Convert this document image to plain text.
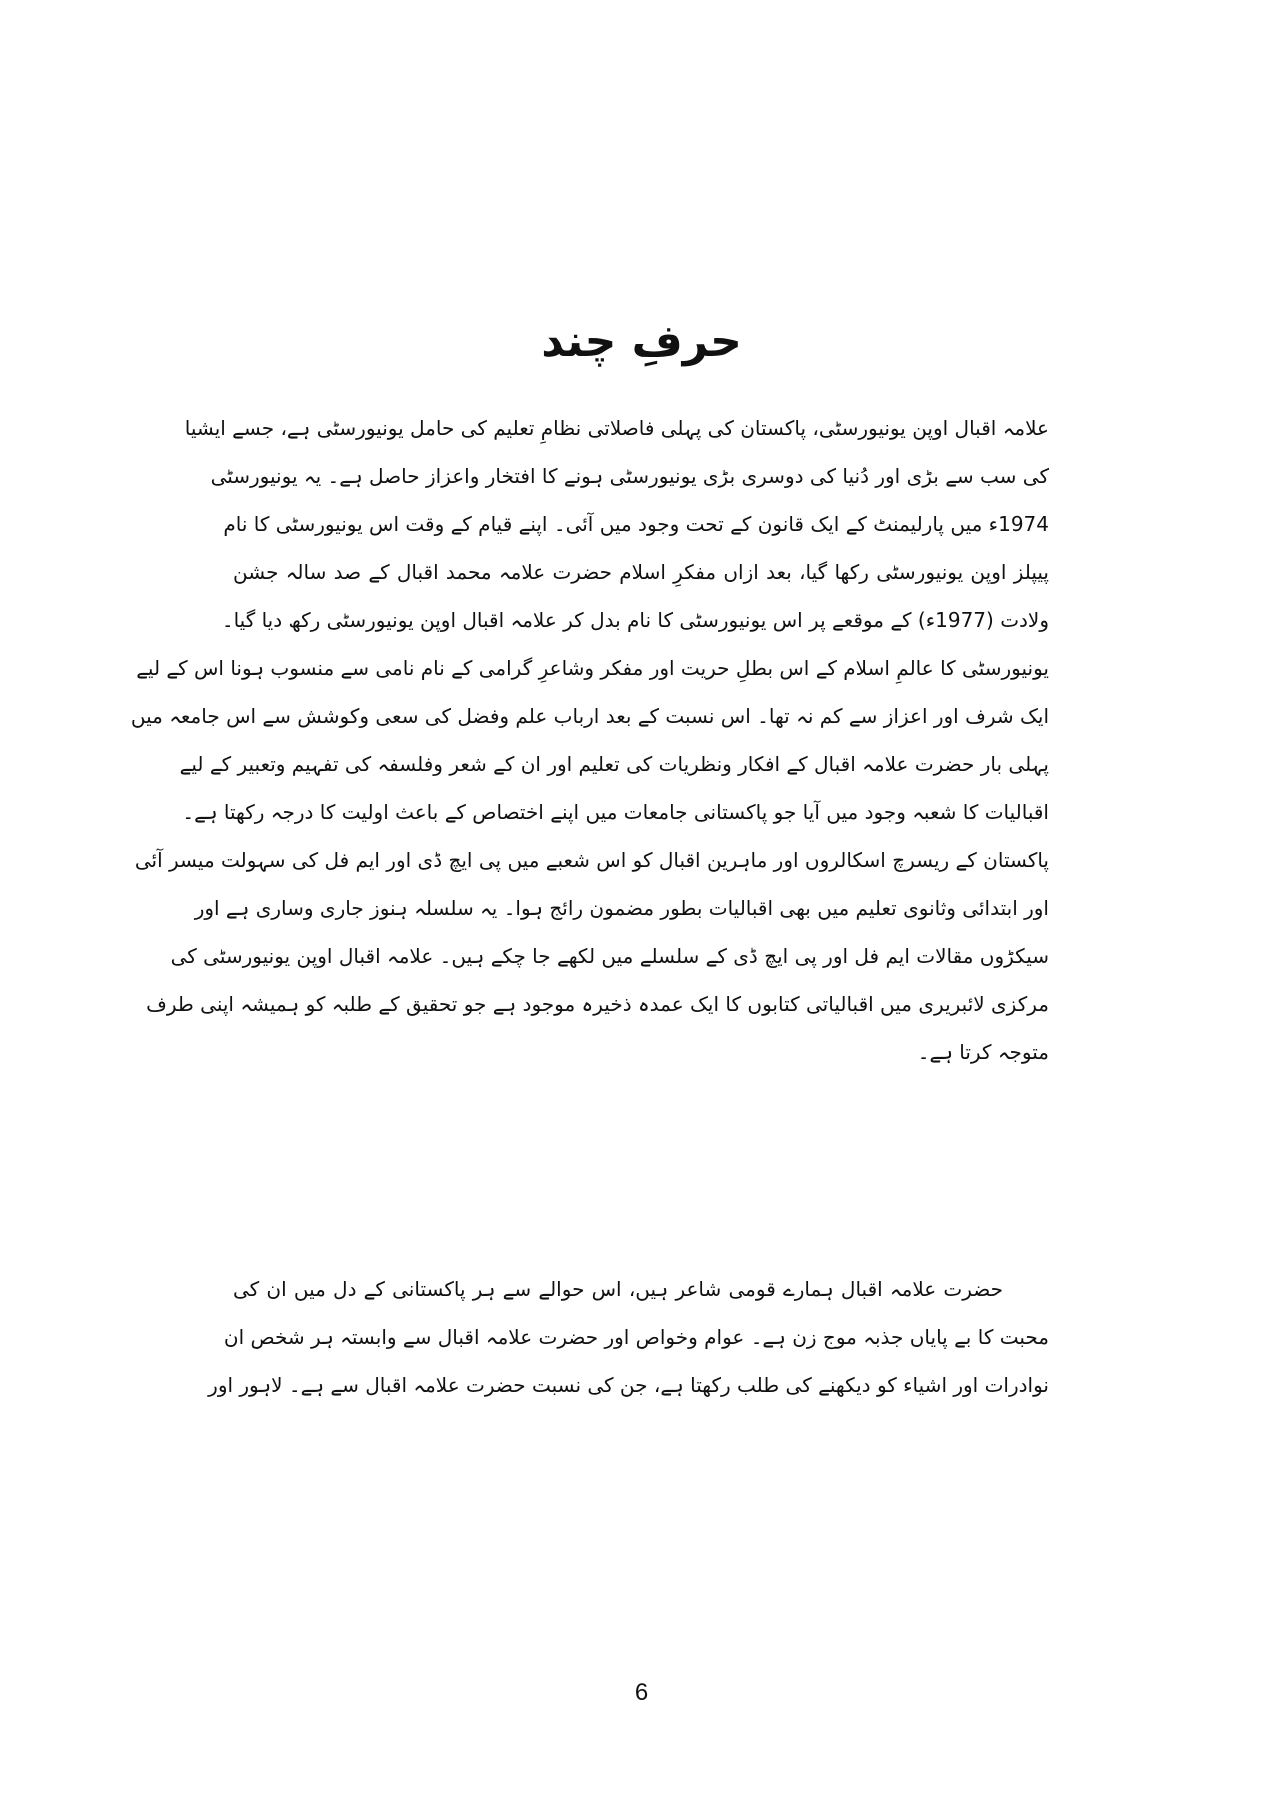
حرفِ چند
علامہ اقبال اوپن یونیورسٹی، پاکستان کی پہلی فاصلاتی نظامِ تعلیم کی حامل یونیورسٹی ہے، جسے ایشیا
کی سب سے بڑی اور دُنیا کی دوسری بڑی یونیورسٹی ہونے کا افتخار واعزاز حاصل ہے۔ یہ یونیورسٹی
1974ء میں پارلیمنٹ کے ایک قانون کے تحت وجود میں آئی۔ اپنے قیام کے وقت اس یونیورسٹی کا نام
پیپلز اوپن یونیورسٹی رکھا گیا، بعد ازاں مفکرِ اسلام حضرت علامہ محمد اقبال کے صد سالہ جشن
ولادت (1977ء) کے موقعے پر اس یونیورسٹی کا نام بدل کر علامہ اقبال اوپن یونیورسٹی رکھ دیا گیا۔
یونیورسٹی کا عالمِ اسلام کے اس بطلِ حریت اور مفکر وشاعرِ گرامی کے نام نامی سے منسوب ہونا اس کے لیے
ایک شرف اور اعزاز سے کم نہ تھا۔ اس نسبت کے بعد ارباب علم وفضل کی سعی وکوشش سے اس جامعہ میں
پہلی بار حضرت علامہ اقبال کے افکار ونظریات کی تعلیم اور ان کے شعر وفلسفہ کی تفہیم وتعبیر کے لیے
اقبالیات کا شعبہ وجود میں آیا جو پاکستانی جامعات میں اپنے اختصاص کے باعث اولیت کا درجہ رکھتا ہے۔
پاکستان کے ریسرچ اسکالروں اور ماہرین اقبال کو اس شعبے میں پی ایچ ڈی اور ایم فل کی سہولت میسر آئی
اور ابتدائی وثانوی تعلیم میں بھی اقبالیات بطور مضمون رائج ہوا۔ یہ سلسلہ ہنوز جاری وساری ہے اور
سیکڑوں مقالات ایم فل اور پی ایچ ڈی کے سلسلے میں لکھے جا چکے ہیں۔ علامہ اقبال اوپن یونیورسٹی کی
مرکزی لائبریری میں اقبالیاتی کتابوں کا ایک عمدہ ذخیرہ موجود ہے جو تحقیق کے طلبہ کو ہمیشہ اپنی طرف
متوجہ کرتا ہے۔
حضرت علامہ اقبال ہمارے قومی شاعر ہیں، اس حوالے سے ہر پاکستانی کے دل میں ان کی
محبت کا بے پایاں جذبہ موج زن ہے۔ عوام وخواص اور حضرت علامہ اقبال سے وابستہ ہر شخص ان
نوادرات اور اشیاء کو دیکھنے کی طلب رکھتا ہے، جن کی نسبت حضرت علامہ اقبال سے ہے۔ لاہور اور
6
